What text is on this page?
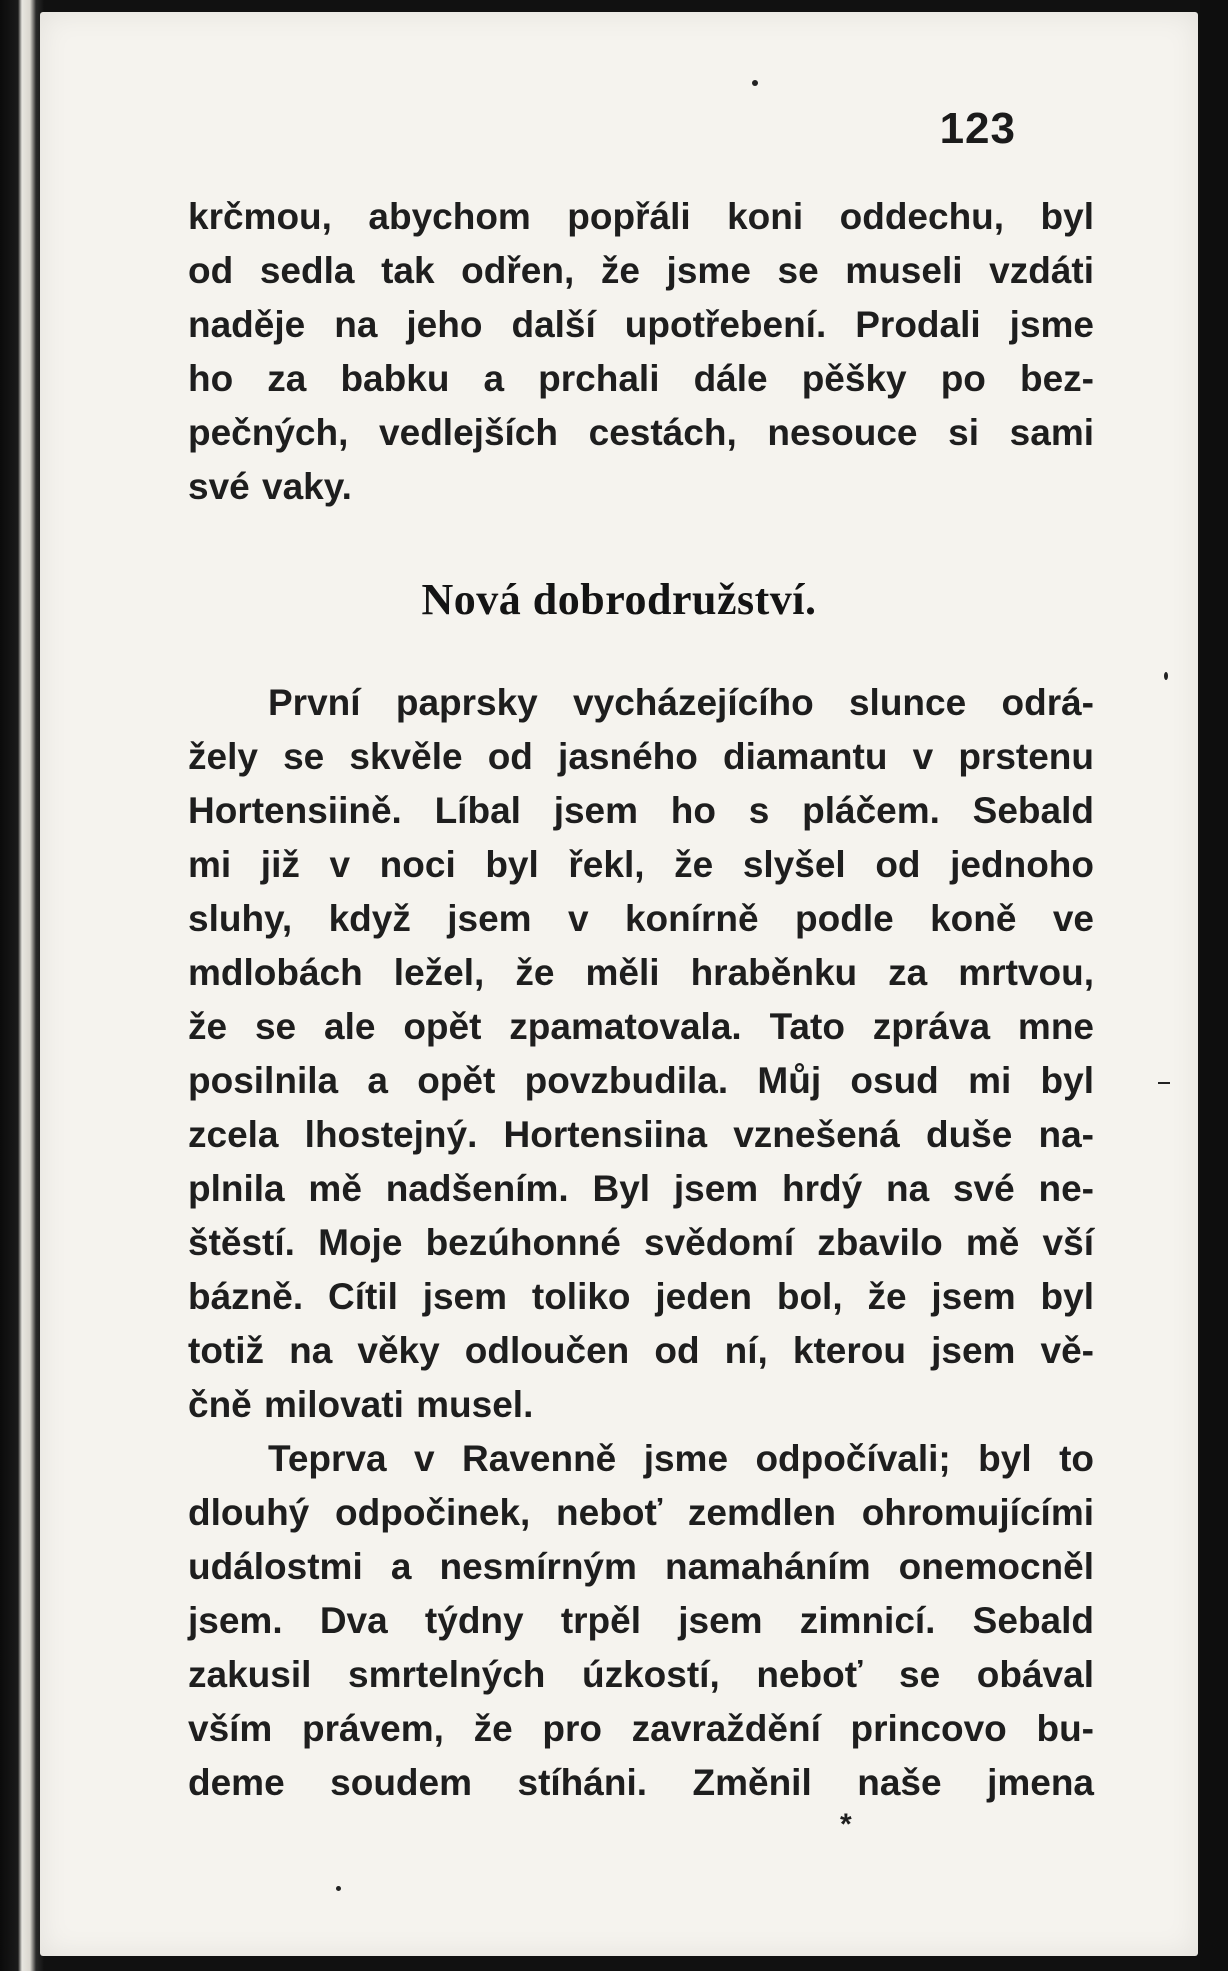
123
krčmou, abychom popřáli koni oddechu, byl
od sedla tak odřen, že jsme se museli vzdáti
naděje na jeho další upotřebení. Prodali jsme
ho za babku a prchali dále pěšky po bez-
pečných, vedlejších cestách, nesouce si sami
své vaky.
První paprsky vycházejícího slunce odrá-
žely se skvěle od jasného diamantu v prstenu
Hortensiině. Líbal jsem ho s pláčem. Sebald
mi již v noci byl řekl, že slyšel od jednoho
sluhy, když jsem v konírně podle koně ve
mdlobách ležel, že měli hraběnku za mrtvou,
že se ale opět zpamatovala. Tato zpráva mne
posilnila a opět povzbudila. Můj osud mi byl
zcela lhostejný. Hortensiina vznešená duše na-
plnila mě nadšením. Byl jsem hrdý na své ne-
štěstí. Moje bezúhonné svědomí zbavilo mě vší
bázně. Cítil jsem toliko jeden bol, že jsem byl
totiž na věky odloučen od ní, kterou jsem vě-
čně milovati musel.
Teprva v Ravenně jsme odpočívali; byl to
dlouhý odpočinek, neboť zemdlen ohromujícími
událostmi a nesmírným namaháním onemocněl
jsem. Dva týdny trpěl jsem zimnicí. Sebald
zakusil smrtelných úzkostí, neboť se obával
vším právem, že pro zavraždění princovo bu-
deme soudem stíháni. Změnil naše jmena
Nová dobrodružství.
*
